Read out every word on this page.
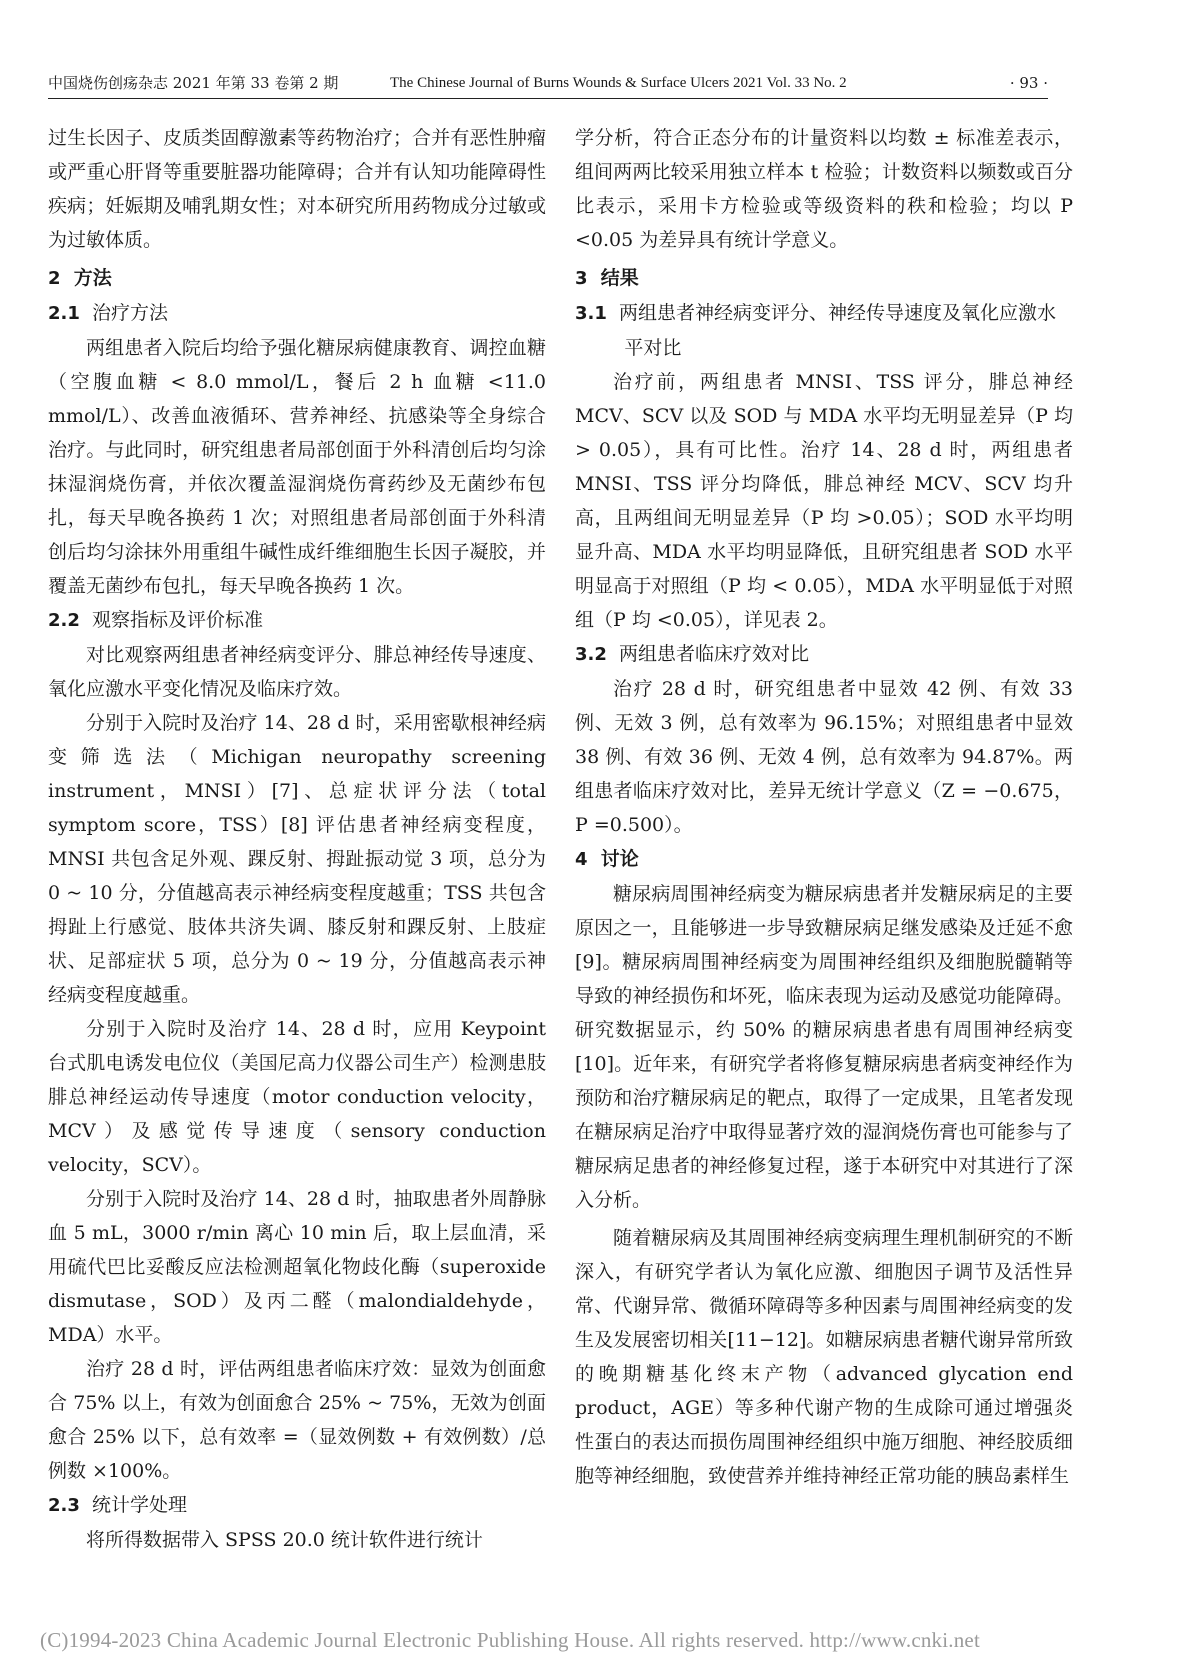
中国烧伤创疡杂志 2021 年第 33 卷第 2 期	The Chinese Journal of Burns Wounds & Surface Ulcers 2021 Vol. 33 No. 2	· 93 ·

过生长因子、皮质类固醇激素等药物治疗；合并有恶性肿瘤或严重心肝肾等重要脏器功能障碍；合并有认知功能障碍性疾病；妊娠期及哺乳期女性；对本研究所用药物成分过敏或为过敏体质。

2 方法
2.1 治疗方法

两组患者入院后均给予强化糖尿病健康教育、调控血糖（空腹血糖 < 8.0 mmol/L，餐后 2 h 血糖 <11.0 mmol/L）、改善血液循环、营养神经、抗感染等全身综合治疗。与此同时，研究组患者局部创面于外科清创后均匀涂抹湿润烧伤膏，并依次覆盖湿润烧伤膏药纱及无菌纱布包扎，每天早晚各换药 1 次；对照组患者局部创面于外科清创后均匀涂抹外用重组牛碱性成纤维细胞生长因子凝胶，并覆盖无菌纱布包扎，每天早晚各换药 1 次。

2.2 观察指标及评价标准

对比观察两组患者神经病变评分、腓总神经传导速度、氧化应激水平变化情况及临床疗效。

分别于入院时及治疗 14、28 d 时，采用密歇根神经病变筛选法（Michigan neuropathy screening instrument，MNSI）[7]、总症状评分法（total symptom score，TSS）[8] 评估患者神经病变程度，MNSI 共包含足外观、踝反射、拇趾振动觉 3 项，总分为 0 ~ 10 分，分值越高表示神经病变程度越重；TSS 共包含拇趾上行感觉、肢体共济失调、膝反射和踝反射、上肢症状、足部症状 5 项，总分为 0 ~ 19 分，分值越高表示神经病变程度越重。

分别于入院时及治疗 14、28 d 时，应用 Keypoint 台式肌电诱发电位仪（美国尼高力仪器公司生产）检测患肢腓总神经运动传导速度（motor conduction velocity，MCV）及感觉传导速度（sensory conduction velocity，SCV）。

分别于入院时及治疗 14、28 d 时，抽取患者外周静脉血 5 mL，3000 r/min 离心 10 min 后，取上层血清，采用硫代巴比妥酸反应法检测超氧化物歧化酶（superoxide dismutase，SOD）及丙二醛（malondialdehyde，MDA）水平。

治疗 28 d 时，评估两组患者临床疗效：显效为创面愈合 75% 以上，有效为创面愈合 25% ~ 75%，无效为创面愈合 25% 以下，总有效率 =（显效例数 + 有效例数）/总例数 ×100%。

2.3 统计学处理

将所得数据带入 SPSS 20.0 统计软件进行统计

学分析，符合正态分布的计量资料以均数 ± 标准差表示，组间两两比较采用独立样本 t 检验；计数资料以频数或百分比表示，采用卡方检验或等级资料的秩和检验；均以 P <0.05 为差异具有统计学意义。

3 结果
3.1 两组患者神经病变评分、神经传导速度及氧化应激水平对比

治疗前，两组患者 MNSI、TSS 评分，腓总神经 MCV、SCV 以及 SOD 与 MDA 水平均无明显差异（P 均 > 0.05），具有可比性。治疗 14、28 d 时，两组患者 MNSI、TSS 评分均降低，腓总神经 MCV、SCV 均升高，且两组间无明显差异（P 均 >0.05）；SOD 水平均明显升高、MDA 水平均明显降低，且研究组患者 SOD 水平明显高于对照组（P 均 < 0.05），MDA 水平明显低于对照组（P 均 <0.05），详见表 2。

3.2 两组患者临床疗效对比

治疗 28 d 时，研究组患者中显效 42 例、有效 33 例、无效 3 例，总有效率为 96.15%；对照组患者中显效 38 例、有效 36 例、无效 4 例，总有效率为 94.87%。两组患者临床疗效对比，差异无统计学意义（Z = −0.675，P =0.500）。

4 讨论

糖尿病周围神经病变为糖尿病患者并发糖尿病足的主要原因之一，且能够进一步导致糖尿病足继发感染及迁延不愈[9]。糖尿病周围神经病变为周围神经组织及细胞脱髓鞘等导致的神经损伤和坏死，临床表现为运动及感觉功能障碍。研究数据显示，约 50% 的糖尿病患者患有周围神经病变[10]。近年来，有研究学者将修复糖尿病患者病变神经作为预防和治疗糖尿病足的靶点，取得了一定成果，且笔者发现在糖尿病足治疗中取得显著疗效的湿润烧伤膏也可能参与了糖尿病足患者的神经修复过程，遂于本研究中对其进行了深入分析。

随着糖尿病及其周围神经病变病理生理机制研究的不断深入，有研究学者认为氧化应激、细胞因子调节及活性异常、代谢异常、微循环障碍等多种因素与周围神经病变的发生及发展密切相关[11−12]。如糖尿病患者糖代谢异常所致的晚期糖基化终末产物（advanced glycation end product，AGE）等多种代谢产物的生成除可通过增强炎性蛋白的表达而损伤周围神经组织中施万细胞、神经胶质细胞等神经细胞，致使营养并维持神经正常功能的胰岛素样生

(C)1994-2023 China Academic Journal Electronic Publishing House. All rights reserved. http://www.cnki.net
